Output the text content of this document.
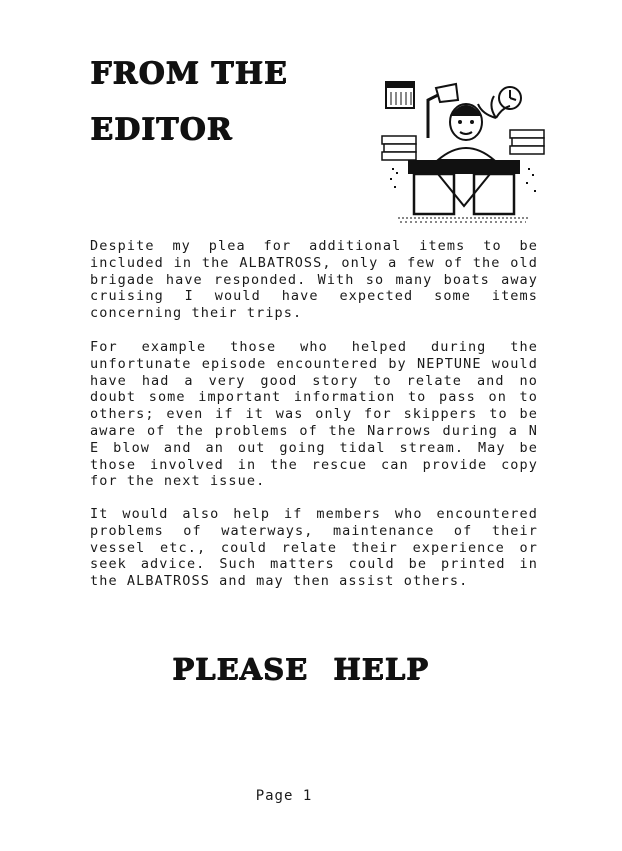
FROM THE
EDITOR

Despite my plea for additional items to be included in the ALBATROSS, only a few of the old brigade have responded. With so many boats away cruising I would have expected some items concerning their trips.

For example those who helped during the unfortunate episode encountered by NEPTUNE would have had a very good story to relate and no doubt some important information to pass on to others; even if it was only for skippers to be aware of the problems of the Narrows during a N E blow and an out going tidal stream. May be those involved in the rescue can provide copy for the next issue.

It would also help if members who encountered problems of waterways, maintenance of their vessel etc., could relate their experience or seek advice. Such matters could be printed in the ALBATROSS and may then assist others.

PLEASE HELP
Page 1
